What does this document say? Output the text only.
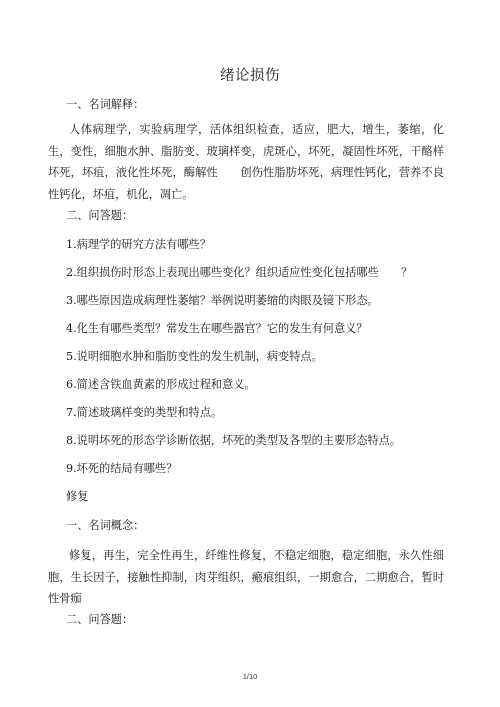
绪论损伤
一、名词解释：
人体病理学，实验病理学，活体组织检查，适应，肥大，增生，萎缩，化生，变性，细胞水肿、脂肪变、玻璃样变，虎斑心，坏死，凝固性坏死，干酪样坏死，坏疽，液化性坏死，酶解性　　创伤性脂肪坏死，病理性钙化，营养不良性钙化，坏疽，机化，凋亡。
二、问答题：
1.病理学的研究方法有哪些？
2.组织损伤时形态上表现出哪些变化？组织适应性变化包括哪些　　？
3.哪些原因造成病理性萎缩？举例说明萎缩的肉眼及镜下形态。
4.化生有哪些类型？常发生在哪些器官？它的发生有何意义？
5.说明细胞水肿和脂肪变性的发生机制，病变特点。
6.简述含铁血黄素的形成过程和意义。
7.简述玻璃样变的类型和特点。
8.说明坏死的形态学诊断依据，坏死的类型及各型的主要形态特点。
9.坏死的结局有哪些？
修复
一、名词概念：
修复，再生，完全性再生，纤维性修复，不稳定细胞，稳定细胞，永久性细胞，生长因子，接触性抑制，肉芽组织，瘢痕组织，一期愈合，二期愈合，暂时性骨痂
二、问答题：
1/10
